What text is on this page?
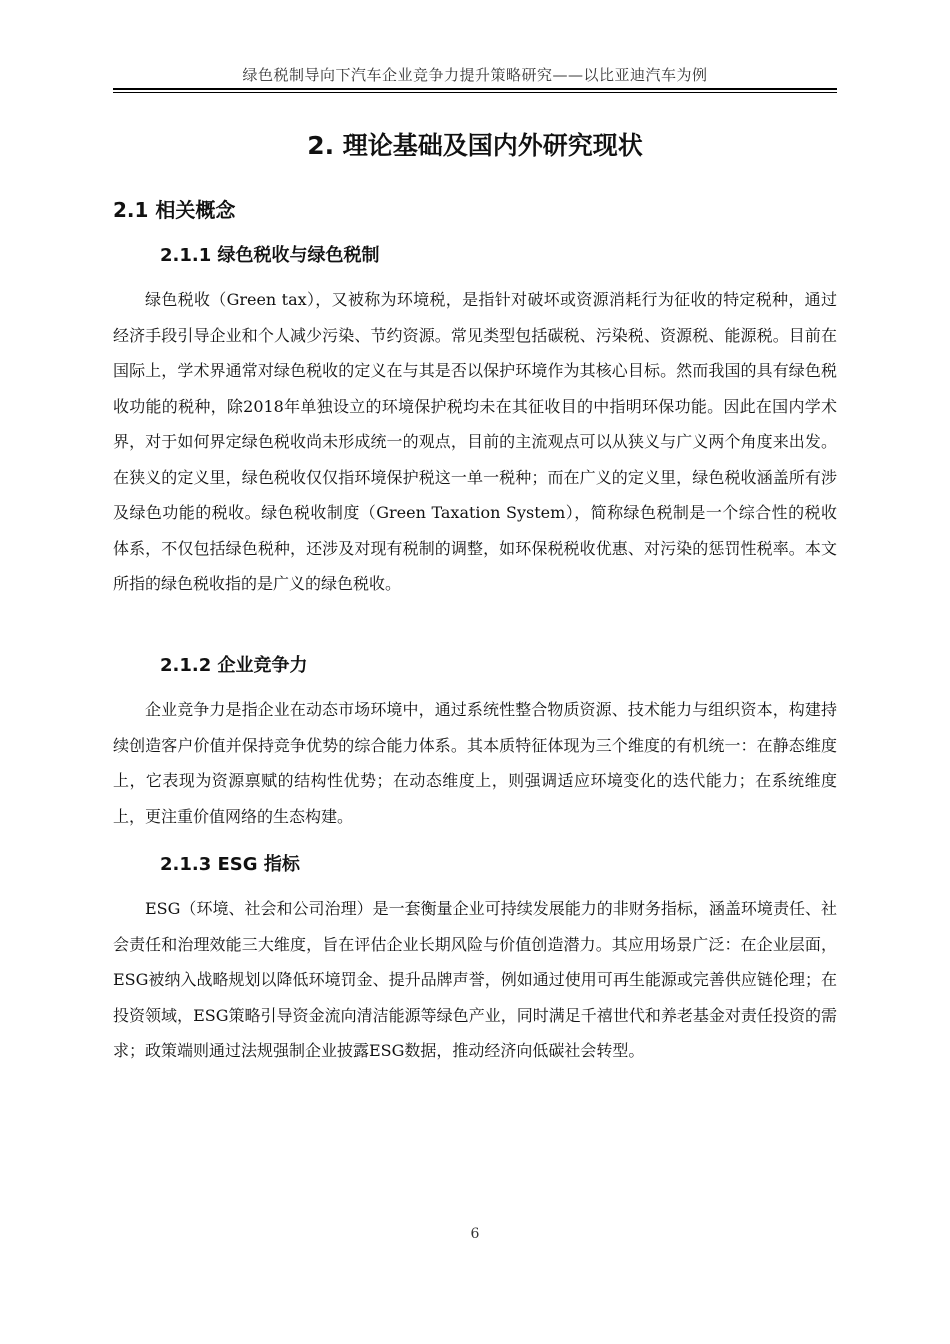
绿色税制导向下汽车企业竞争力提升策略研究——以比亚迪汽车为例
2. 理论基础及国内外研究现状
2.1 相关概念
2.1.1 绿色税收与绿色税制

绿色税收（Green tax），又被称为环境税，是指针对破坏或资源消耗行为征收的特定税种，通过经济手段引导企业和个人减少污染、节约资源。常见类型包括碳税、污染税、资源税、能源税。目前在国际上，学术界通常对绿色税收的定义在与其是否以保护环境作为其核心目标。然而我国的具有绿色税收功能的税种，除2018年单独设立的环境保护税均未在其征收目的中指明环保功能。因此在国内学术界，对于如何界定绿色税收尚未形成统一的观点，目前的主流观点可以从狭义与广义两个角度来出发。在狭义的定义里，绿色税收仅仅指环境保护税这一单一税种；而在广义的定义里，绿色税收涵盖所有涉及绿色功能的税收。绿色税收制度（Green Taxation System），简称绿色税制是一个综合性的税收体系，不仅包括绿色税种，还涉及对现有税制的调整，如环保税税收优惠、对污染的惩罚性税率。本文所指的绿色税收指的是广义的绿色税收。

2.1.2 企业竞争力

企业竞争力是指企业在动态市场环境中，通过系统性整合物质资源、技术能力与组织资本，构建持续创造客户价值并保持竞争优势的综合能力体系。其本质特征体现为三个维度的有机统一：在静态维度上，它表现为资源禀赋的结构性优势；在动态维度上，则强调适应环境变化的迭代能力；在系统维度上，更注重价值网络的生态构建。

2.1.3 ESG 指标

ESG（环境、社会和公司治理）是一套衡量企业可持续发展能力的非财务指标，涵盖环境责任、社会责任和治理效能三大维度，旨在评估企业长期风险与价值创造潜力。其应用场景广泛：在企业层面，ESG被纳入战略规划以降低环境罚金、提升品牌声誉，例如通过使用可再生能源或完善供应链伦理；在投资领域，ESG策略引导资金流向清洁能源等绿色产业，同时满足千禧世代和养老基金对责任投资的需求；政策端则通过法规强制企业披露ESG数据，推动经济向低碳社会转型。

6
